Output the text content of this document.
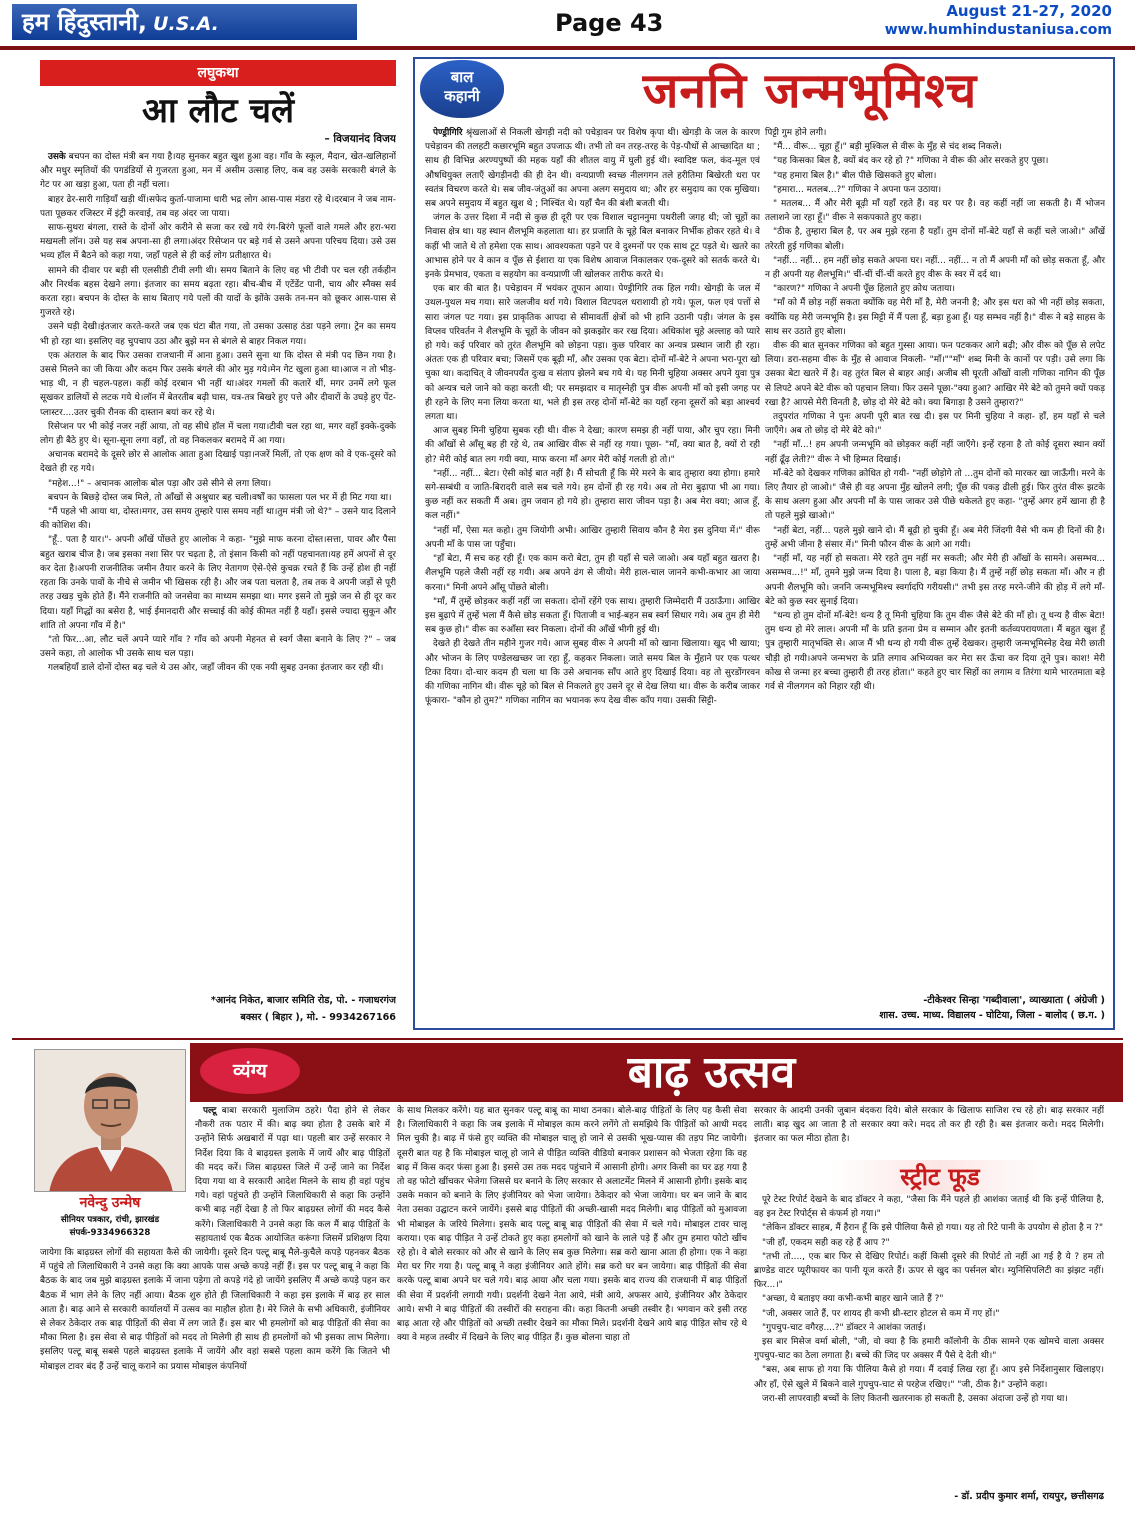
हम हिंदुस्तानी, U.S.A.	Page 43	August 21-27, 2020
www.humhindustaniusa.com
लघुकथा
आ लौट चलें
– विजयानंद विजय

उसके बचपन का दोस्त मंत्री बन गया है।यह सुनकर बहुत खुश हुआ वह। गाँव के स्कूल, मैदान, खेत-खलिहानों और मधुर स्मृतियों की पगडंडियों से गुजरता हुआ, मन में असीम उत्साह लिए, कब वह उसके सरकारी बंगले के गेट पर आ खड़ा हुआ, पता ही नहीं चला।

बाहर ढेर-सारी गाड़ियाँ खड़ी थीं।सफेद कुर्ता-पाजामा धारी भद्र लोग आस-पास मंडरा रहे थे।दरबान ने जब नाम-पता पूछकर रजिस्टर में इंट्री करवाई, तब वह अंदर जा पाया।

साफ-सुथरा बंगला, रास्ते के दोनों ओर करीने से सजा कर रखे गये रंग-बिरंगे फूलों वाले गमले और हरा-भरा मखमली लॉन। उसे यह सब अपना-सा ही लगा।अंदर रिसेप्शन पर बड़े गर्व से उसने अपना परिचय दिया। उसे उस भव्य हॉल में बैठने को कहा गया, जहाँ पहले से ही कई लोग प्रतीक्षारत थे।

सामने की दीवार पर बड़ी सी एलसीडी टीवी लगी थी। समय बिताने के लिए वह भी टीवी पर चल रही तर्कहीन और निरर्थक बहस देखने लगा। इंतजार का समय बढ़ता रहा। बीच-बीच में एटेंडेंट पानी, चाय और स्नैक्स सर्व करता रहा। बचपन के दोस्त के साथ बिताए गये पलों की यादों के झोंके उसके तन-मन को छूकर आस-पास से गुजरते रहे।

उसने घड़ी देखी।इंतजार करते-करते जब एक घंटा बीत गया, तो उसका उत्साह ठंडा पड़ने लगा। ट्रेन का समय भी हो रहा था। इसलिए वह चुपचाप उठा और बुझे मन से बंगले से बाहर निकल गया।

एक अंतराल के बाद फिर उसका राजधानी में आना हुआ। उसने सुना था कि दोस्त से मंत्री पद छिन गया है। उससे मिलने का जी किया और कदम फिर उसके बंगले की ओर मुड़ गये।मेन गेट खुला हुआ था।आज न तो भीड़-भाड़ थी, न ही चहल-पहल। कहीं कोई दरबान भी नहीं था।अंदर गमलों की कतारें थीं, मगर उनमें लगे फूल सूखकर डालियों से लटक गये थे।लॉन में बेतरतीब बढ़ी घास, यत्र-तत्र बिखरे हुए पत्ते और दीवारों के उघड़े हुए पेंट-प्लास्टर....उतर चुकी रौनक की दास्तान बयां कर रहे थे।

रिसेप्शन पर भी कोई नजर नहीं आया, तो वह सीधे हॉल में चला गया।टीवी चल रहा था, मगर वहाँ इक्के-दुक्के लोग ही बैठे हुए थे। सूना-सूना लगा वहाँ, तो वह निकलकर बरामदे में आ गया।

अचानक बरामदे के दूसरे छोर से आलोक आता हुआ दिखाई पड़ा।नजरें मिलीं, तो एक क्षण को वे एक-दूसरे को देखते ही रह गये।

"महेश...!" – अचानक आलोक बोल पड़ा और उसे सीने से लगा लिया।

बचपन के बिछड़े दोस्त जब मिले, तो आँखों से अश्रुधार बह चली।वर्षों का फासला पल भर में ही मिट गया था।

"मैं पहले भी आया था, दोस्त।मगर, उस समय तुम्हारे पास समय नहीं था।तुम मंत्री जो थे?" – उसने याद दिलाने की कोशिश की।

"हूँ.. पता है यार।"- अपनी आँखें पोंछते हुए आलोक ने कहा- "मुझे माफ करना दोस्त।सत्ता, पावर और पैसा बहुत खराब चीज है। जब इसका नशा सिर पर चढ़ता है, तो इंसान किसी को नहीं पहचानता।यह हमें अपनों से दूर कर देता है।अपनी राजनीतिक जमीन तैयार करने के लिए नेतागण ऐसे-ऐसे कुचक्र रचते हैं कि उन्हें होश ही नहीं रहता कि उनके पावों के नीचे से जमीन भी खिसक रही है। और जब पता चलता है, तब तक वे अपनी जड़ों से पूरी तरह उखड़ चुके होते हैं। मैंने राजनीति को जनसेवा का माध्यम समझा था। मगर इसने तो मुझे जन से ही दूर कर दिया। यहाँ गिद्धों का बसेरा है, भाई ईमानदारी और सच्चाई की कोई कीमत नहीं है यहाँ। इससे ज्यादा सुकून और शांति तो अपना गाँव में है।"

"तो फिर...आ, लौट चलें अपने प्यारे गाँव ? गाँव को अपनी मेहनत से स्वर्ग जैसा बनाने के लिए ?" – जब उसने कहा, तो आलोक भी उसके साथ चल पड़ा।

गलबहियाँ डाले दोनों दोस्त बढ़ चले थे उस ओर, जहाँ जीवन की एक नयी सुबह उनका इंतजार कर रही थी।

*आनंद निकेत, बाजार समिति रोड, पो. - गजाधरगंज
बक्सर ( बिहार ), मो. - 9934267166
बाल
कहानी	जननि जन्मभूमिश्च

पेण्ड्रीगिरि श्रृंखलाओं से निकली खेगड़ी नदी को पचेड़ावन पर विशेष कृपा थी। खेगड़ी के जल के कारण पचेड़ावन की तलहटी कछारभूमि बहुत उपजाऊ थी। तभी तो वन तरह-तरह के पेड़-पौधों से आच्छादित था ; साथ ही विभिन्न अरण्यपुष्पों की महक यहाँ की शीतल वायु में घुली हुई थी। स्वादिष्ट फल, कंद-मूल एवं औषधियुक्त लताएँ खेगड़ीनदी की ही देन थी। वन्यप्राणी स्वच्छ नीलगगन तले हरीतिमा बिखेरती धरा पर स्वतंत्र विचरण करते थे। सब जीव-जंतुओं का अपना अलग समुदाय था; और हर समुदाय का एक मुखिया। सब अपने समुदाय में बहुत खुश थे ; निश्चिंत थे। यहाँ चैन की बंशी बजती थी।

जंगल के उत्तर दिशा में नदी से कुछ ही दूरी पर एक विशाल चट्टाननुमा पथरीली जगह थी; जो चूहों का निवास क्षेत्र था। यह स्थान शैलभूमि कहलाता था। हर प्रजाति के चूहे बिल बनाकर निर्भीक होकर रहते थे। वे कहीं भी जाते थे तो हमेशा एक साथ। आवश्यकता पड़ने पर वे दुश्मनों पर एक साथ टूट पड़ते थे। खतरे का आभास होने पर वे कान व पूँछ से ईशारा या एक विशेष आवाज निकालकर एक-दूसरे को सतर्क करते थे। इनके प्रेमभाव, एकता व सहयोग का वन्यप्राणी जी खोलकर तारीफ करते थे।

एक बार की बात है। पचेड़ावन में भयंकर तूफान आया। पेण्ड्रीगिरि तक हिल गयी। खेगड़ी के जल में उथल-पुथल मच गया। सारे जलजीव थर्रा गये। विशाल विटपदल धराशायी हो गये। फूल, फल एवं पत्तों से सारा जंगल पट गया। इस प्राकृतिक आपदा से सीमावर्ती क्षेत्रों को भी हानि उठानी पड़ी। जंगल के इस विप्लव परिवर्तन ने शैलभूमि के चूहों के जीवन को झकझोर कर रख दिया। अधिकांश चूहे अल्लाह को प्यारे हो गये। कई परिवार को तुरंत शैलभूमि को छोड़ना पड़ा। कुछ परिवार का अन्यत्र प्रस्थान जारी ही रहा। अंततः एक ही परिवार बचा; जिसमें एक बूढ़ी माँ, और उसका एक बेटा। दोनों माँ-बेटे ने अपना भरा-पूरा खो चुका था। कदाचित् वे जीवनपर्यंत दुःख व संताप झेलने बच गये थे। यह मिनी चुहिया अक्सर अपने युवा पुत्र को अन्यत्र चले जाने को कहा करती थी; पर समझदार व मातृस्नेही पुत्र वीरू अपनी माँ को इसी जगह पर ही रहने के लिए मना लिया करता था, भले ही इस तरह दोनों माँ-बेटे का यहाँ रहना दूसरों को बड़ा आश्चर्य लगता था।

आज सुबह मिनी चुहिया सुबक रही थी। वीरू ने देखा; कारण समझ ही नहीं पाया, और चुप रहा। मिनी की आँखों से आँसू बह ही रहे थे, तब आखिर वीरू से नहीं रह गया। पूछा- "माँ, क्या बात है, क्यों रो रही हो? मेरी कोई बात लग गयी क्या, माफ करना माँ अगर मेरी कोई गलती हो तो।"

"नहीं... नहीं... बेटा। ऐसी कोई बात नहीं है। मैं सोचती हूँ कि मेरे मरने के बाद तुम्हारा क्या होगा। हमारे सगे-सम्बंधी व जाति-बिरादरी वाले सब चले गये। हम दोनों ही रह गये। अब तो मेरा बुढ़ापा भी आ गया। कुछ नहीं कर सकती मैं अब। तुम जवान हो गये हो। तुम्हारा सारा जीवन पड़ा है। अब मेरा क्या; आज हूँ, कल नहीं।"

"नहीं माँ, ऐसा मत कहो। तुम जियोगी अभी। आखिर तुम्हारी सिवाय कौन है मेरा इस दुनिया में।" वीरू अपनी माँ के पास जा पहुँचा।

"हाँ बेटा, मैं सच कह रही हूँ। एक काम करो बेटा, तुम ही यहाँ से चले जाओ। अब यहाँ बहुत खतरा है। शैलभूमि पहले जैसी नहीं रह गयी। अब अपने ढंग से जीयो। मेरी हाल-चाल जानने कभी-कभार आ जाया करना।" मिनी अपने आँसू पोंछते बोली।

"माँ, मैं तुम्हें छोड़कर कहीं नहीं जा सकता। दोनों रहेंगे एक साथ। तुम्हारी जिम्मेदारी मैं उठाऊँगा। आखिर इस बुढ़ापे में तुम्हें भला मैं कैसे छोड़ सकता हूँ। पिताजी व भाई-बहन सब स्वर्ग सिधार गये। अब तुम ही मेरी सब कुछ हो।" वीरू का रुआँसा स्वर निकला। दोनों की आँखें भीगी हुई थी।

देखते ही देखते तीन महीने गुजर गये। आज सुबह वीरू ने अपनी माँ को खाना खिलाया। खुद भी खाया; और भोजन के लिए पण्डेलखच्छर जा रहा हूँ, कहकर निकला। जाते समय बिल के मुँहाने पर एक पत्थर टिका दिया। दो-चार कदम ही चला था कि उसे अचानक साँप आते हुए दिखाई दिया। वह तो सुरडोंगरवन की गणिका नागिन थी। वीरू चूहे को बिल से निकलते हुए उसने दूर से देख लिया था। वीरू के करीब जाकर फूंकारा- "कौन हो तुम?" गणिका नागिन का भयानक रूप देख वीरू काँप गया। उसकी सिट्टी-

पिट्टी गुम होने लगी।

"मैं... वीरू... चूहा हूँ।" बड़ी मुश्किल से वीरू के मुँह से चंद शब्द निकले।

"यह किसका बिल है, क्यों बंद कर रहे हो ?" गणिका ने वीरू की ओर सरकते हुए पूछा।

"यह हमारा बिल है।" बील पीछे खिसकते हुए बोला।

"हमारा... मतलब...?" गणिका ने अपना फन उठाया।

" मतलब... मैं और मेरी बूढ़ी माँ यहाँ रहते हैं। वह घर पर है। वह कहीं नहीं जा सकती है। मैं भोजन तलाशने जा रहा हूँ।" वीरू ने सकपकाते हुए कहा।

"ठीक है, तुम्हारा बिल है, पर अब मुझे रहना है यहाँ। तुम दोनों माँ-बेटे यहाँ से कहीं चले जाओ।" आँखें तरेरती हुई गणिका बोली।

"नहीं... नहीं... हम नहीं छोड़ सकते अपना घर। नहीं... नहीं... न तो मैं अपनी माँ को छोड़ सकता हूँ, और न ही अपनी यह शैलभूमि।" चीं-चीं चीं-चीं करते हुए वीरू के स्वर में दर्द था।

"कारण?" गणिका ने अपनी पूँछ हिलाते हुए क्रोध जताया।

"माँ को मैं छोड़ नहीं सकता क्योंकि वह मेरी माँ है, मेरी जननी है; और इस धरा को भी नहीं छोड़ सकता, क्योंकि यह मेरी जन्मभूमि है। इस मिट्टी में मैं पला हूँ, बड़ा हुआ हूँ। यह सम्भव नहीं है।" वीरू ने बड़े साहस के साथ सर उठाते हुए बोला।

वीरू की बात सुनकर गणिका को बहुत गुस्सा आया। फन पटककर आगे बढ़ी; और वीरू को पूँछ से लपेट लिया। डरा-सहमा वीरू के मुँह से आवाज निकली- "माँ।""माँ" शब्द मिनी के कानों पर पड़ी। उसे लगा कि उसका बेटा खतरे में है। वह तुरंत बिल से बाहर आई। अजीब सी घूरती आँखों वाली गणिका नागिन की पूँछ से लिपटे अपने बेटे वीरू को पहचान लिया। फिर उसने पूछा-"क्या हुआ? आखिर मेरे बेटे को तुमने क्यों पकड़ रखा है? आपसे मेरी विनती है, छोड़ दो मेरे बेटे को। क्या बिगाड़ा है उसने तुम्हारा?"

तदुपरांत गणिका ने पुनः अपनी पूरी बात रख दी। इस पर मिनी चुहिया ने कहा- हाँ, हम यहाँ से चले जाएँगे। अब तो छोड़ दो मेरे बेटे को।"

"नहीं माँ...! हम अपनी जन्मभूमि को छोड़कर कहीं नहीं जाएँगे। इन्हें रहना है तो कोई दूसरा स्थान क्यों नहीं ढूँढ़ लेती?" वीरू ने भी हिम्मत दिखाई।

माँ-बेटे को देखकर गणिका क्रोधित हो गयी- "नहीं छोड़ोगे तो ...तुम दोनों को मारकर खा जाऊँगी। मरने के लिए तैयार हो जाओ।" जैसे ही वह अपना मुँह खोलने लगी; पूँछ की पकड़ ढीली हुई। फिर तुरंत वीरू झटके के साथ अलग हुआ और अपनी माँ के पास जाकर उसे पीछे धकेलते हुए कहा- "तुम्हें अगर हमें खाना ही है तो पहले मुझे खाओ।"

"नहीं बेटा, नहीं... पहले मुझे खाने दो। मैं बूढ़ी हो चुकी हूँ। अब मेरी जिंदगी वैसे भी कम ही दिनों की है। तुम्हें अभी जीना है संसार में।" मिनी फौरन वीरू के आगे आ गयी।

"नहीं माँ, यह नहीं हो सकता। मेरे रहते तुम नहीं मर सकती; और मेरी ही आँखों के सामने। असम्भव... असम्भव...!" माँ, तुमने मुझे जन्म दिया है। पाला है, बड़ा किया है। मैं तुम्हें नहीं छोड़ सकता माँ। और न ही अपनी शैलभूमि को। जननि जन्मभूमिश्च स्वर्गादपि गरीयसी।" तभी इस तरह मरने-जीने की होड़ में लगे माँ-बेटे को कुछ स्वर सुनाई दिया।

"धन्य हो तुम दोनों माँ-बेटे! धन्य है तू मिनी चुहिया कि तुम वीरू जैसे बेटे की माँ हो। तू धन्य है वीरू बेटा! तुम धन्य हो मेरे लाल। अपनी माँ के प्रति इतना प्रेम व सम्मान और इतनी कर्तव्यपरायणता। मैं बहुत खुश हूँ पुत्र तुम्हारी मातृभक्ति से। आज मैं भी धन्य हो गयी वीरू तुम्हें देखकर। तुम्हारी जन्मभूमिस्नेह देख मेरी छाती चौड़ी हो गयी।अपने जन्मभरा के प्रति लगाव अभिव्यक्त कर मेरा सर ऊँचा कर दिया तूने पुत्र। काश! मेरी कोख से जन्मा हर बच्चा तुम्हारी ही तरह होता।" कहते हुए चार सिहों का लगाम व तिरंगा थामे भारतमाता बड़े गर्व से नीलगगन को निहार रही थी।

-टीकेश्वर सिन्हा 'गब्दीवाला', व्याख्याता ( अंग्रेजी )
शास. उच्च. माध्य. विद्यालय - घोटिया, जिला - बालोद ( छ.ग. )
नवेन्दु उन्मेष
सीनियर पत्रकार, रांची, झारखंड
संपर्क-9334966328
व्यंग्य	बाढ़ उत्सव

पल्टू बाबा सरकारी मुलाजिम ठहरे। पैदा होने से लेकर नौकरी तक पठार में की। बाढ़ क्या होता है उसके बारे में उन्होंने सिर्फ अखबारों में पढ़ा था। पहली बार उन्हें सरकार ने निर्देश दिया कि वे बाढ़ग्रस्त इलाके में जायें और बाढ़ पीड़ितों की मदद करें। जिस बाढ़ग्रस्त जिले में उन्हें जाने का निर्देश दिया गया था वे सरकारी आदेश मिलने के साथ ही वहां पहुंच गये। वहां पहुंचते ही उन्होंने जिलाधिकारी से कहा कि उन्होंने कभी बाढ़ नहीं देखा है तो फिर बाढ़ग्रस्त लोगों की मदद कैसे करेंगे। जिलाधिकारी ने उनसे कहा कि कल मैं बाढ़ पीड़ितों के सहायतार्थ एक बैठक आयोजित करूंगा जिसमें प्रशिक्षण दिया जायेगा कि बाढ़ग्रस्त लोगों की सहायता कैसे की जायेगी। दूसरे दिन पल्टू बाबू मैले-कुचैले कपड़े पहनकर बैठक में पहुंचे तो जिलाधिकारी ने उनसे कहा कि क्या आपके पास अच्छे कपड़े नहीं हैं। इस पर पल्टू बाबू ने कहा कि बैठक के बाद जब मुझे बाढ़ग्रस्त इलाके में जाना पड़ेगा तो कपड़े गंदे हो जायेंगे इसलिए मैं अच्छे कपड़े पहन कर बैठक में भाग लेने के लिए नहीं आया। बैठक शुरु होते ही जिलाधिकारी ने कहा इस इलाके में बाढ़ हर साल आता है। बाढ़ आने से सरकारी कार्यालयों में उत्सव का माहौल होता है। मेरे जिले के सभी अधिकारी, इंजीनियर से लेकर ठेकेदार तक बाढ़ पीड़ितों की सेवा में लग जाते हैं। इस बार भी हमलोगों को बाढ़ पीड़ितों की सेवा का मौका मिला है। इस सेवा से बाढ़ पीड़ितों को मदद तो मिलेगी ही साथ ही हमलोगों को भी इसका लाभ मिलेगा। इसलिए पल्टू बाबू सबसे पहले बाढ़ग्रस्त इलाके में जायेंगे और वहां सबसे पहला काम करेंगे कि जितने भी मोबाइल टावर बंद हैं उन्हें चालू कराने का प्रयास मोबाइल कंपनियों

के साथ मिलकर करेंगे। यह बात सुनकर पल्टू बाबू का माथा ठनका। बोले-बाढ़ पीड़ितों के लिए यह कैसी सेवा है। जिलाधिकारी ने कहा कि जब इलाके में मोबाइल काम करने लगेंगे तो समझिये कि पीड़ितों को आधी मदद मिल चुकी है। बाढ़ में फंसे हुए व्यक्ति की मोबाइल चालू हो जाने से उसकी भूख-प्यास की तड़प मिट जायेगी। दूसरी बात यह है कि मोबाइल चालू हो जाने से पीड़ित व्यक्ति वीडियो बनाकर प्रशासन को भेजता रहेगा कि वह बाढ़ में किस कदर फंसा हुआ है। इससे उस तक मदद पहुंचाने में आसानी होगी। अगर किसी का घर ढह गया है तो वह फोटो खींचकर भेजेगा जिससे घर बनाने के लिए सरकार से अलाटमेंट मिलने में आसानी होगी। इसके बाद उसके मकान को बनाने के लिए इंजीनियर को भेजा जायेगा। ठेकेदार को भेजा जायेगा। घर बन जाने के बाद नेता उसका उद्घाटन करने जायेंगे। इससे बाढ़ पीड़ितों की अच्छी-खासी मदद मिलेगी। बाढ़ पीड़ितों को मुआवजा भी मोबाइल के जरिये मिलेगा। इसके बाद पल्टू बाबू बाढ़ पीड़ितों की सेवा में चले गये। मोबाइल टावर चालू कराया। एक बाढ़ पीड़ित ने उन्हें टोकते हुए कहा हमलोगों को खाने के लाले पड़े हैं और तुम हमारा फोटो खींच रहे हो। वे बोले सरकार को और से खाने के लिए सब कुछ मिलेगा। सब्र करो खाना आता ही होगा। एक ने कहा मेरा घर गिर गया है। पल्टू बाबू ने कहा इंजीनियर आते होंगे। सब्र करो घर बन जायेगा। बाढ़ पीड़ितों की सेवा करके पल्टू बाबा अपने घर चले गये। बाढ़ आया और चला गया। इसके बाद राज्य की राजधानी में बाढ़ पीड़ितों की सेवा में प्रदर्शनी लगायी गयी। प्रदर्शनी देखने नेता आये, मंत्री आये, अफसर आये, इंजीनियर और ठेकेदार आये। सभी ने बाढ़ पीड़ितों की तस्वीरों की सराहना की। कहा कितनी अच्छी तस्वीर है। भगवान करे इसी तरह बाढ़ आता रहे और पीड़ितों को अच्छी तस्वीर देखने का मौका मिले। प्रदर्शनी देखने आये बाढ़ पीड़ित सोच रहे थे क्या वे महज तस्वीर में दिखने के लिए बाढ़ पीड़ित हैं। कुछ बोलना चाहा तो

सरकार के आदमी उनकी जुबान बंदकरा दिये। बोले सरकार के खिलाफ साजिश रच रहे हो। बाढ़ सरकार नहीं लाती। बाढ़ खुद आ जाता है तो सरकार क्या करे। मदद तो कर ही रही है। बस इंतजार करो। मदद मिलेगी। इंतजार का फल मीठा होता है।

स्ट्रीट फूड

पूरे टेस्ट रिपोर्ट देखने के बाद डॉक्टर ने कहा, "जैसा कि मैंने पहले ही आशंका जताई थी कि इन्हें पीलिया है, वह इन टेस्ट रिपोर्ट्स से कंफर्म हो गया।"

"लेकिन डॉक्टर साहब, मैं हैरान हूँ कि इसे पीलिया कैसे हो गया। यह तो रिटे पानी के उपयोग से होता है न ?"

"जी हाँ, एकदम सही कह रहे हैं आप ?"

"तभी तो...., एक बार फिर से देखिए रिपोर्ट। कहीं किसी दूसरे की रिपोर्ट तो नहीं आ गई है ये ? हम तो ब्राण्डेड वाटर प्यूरीफायर का पानी यूज करते हैं। ऊपर से खुद का पर्सनल बोर। म्युनिसिपलिटी का झंझट नहीं। फिर...।"

"अच्छा, ये बताइए क्या कभी-कभी बाहर खाने जाते हैं ?"

"जी, अक्सर जाते हैं, पर शायद ही कभी थ्री-स्टार होटल से कम में गए हों।"

"गुपचुप-चाट वगैरह....?" डॉक्टर ने आशंका जताई।

इस बार मिसेज वर्मा बोली, "जी, वो क्या है कि हमारी कॉलोनी के ठीक सामने एक खोमचे वाला अक्सर गुपचुप-चाट का ठेला लगाता है। बच्चे की जिद पर अक्सर मैं पैसे दे देती थी।"

"बस, अब साफ हो गया कि पीलिया कैसे हो गया। मैं दवाई लिख रहा हूँ। आप इसे निर्देशानुसार खिलाइए। और हाँ, ऐसे खुले में बिकने वाले गुपचुप-चाट से परहेज रखिए।" "जी, ठीक है।" उन्होंने कहा।

जरा-सी लापरवाही बच्चों के लिए कितनी खतरनाक हो सकती है, उसका अंदाजा उन्हें हो गया था।

- डॉ. प्रदीप कुमार शर्मा, रायपुर, छत्तीसगढ
